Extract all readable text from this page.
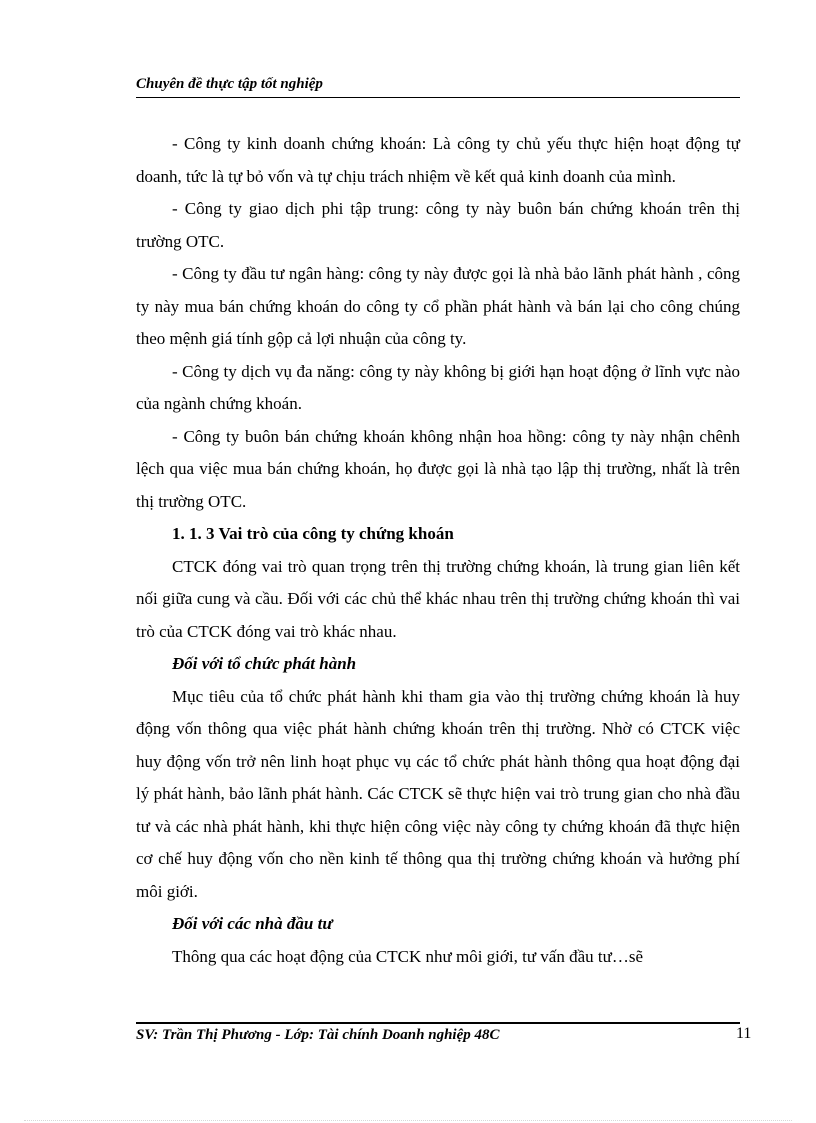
Chuyên đề thực tập tốt nghiệp

- Công ty kinh doanh chứng khoán: Là công ty chủ yếu thực hiện hoạt động tự doanh, tức là tự bỏ vốn và tự chịu trách nhiệm về kết quả kinh doanh của mình.

- Công ty giao dịch phi tập trung: công ty này buôn bán chứng khoán trên thị trường OTC.

- Công ty đầu tư ngân hàng: công ty này được gọi là nhà bảo lãnh phát hành , công ty này mua bán chứng khoán do công ty cổ phần phát hành và bán lại cho công chúng theo mệnh giá tính gộp cả lợi nhuận của công ty.

- Công ty dịch vụ đa năng: công ty này không bị giới hạn hoạt động ở lĩnh vực nào của ngành chứng khoán.

- Công ty buôn bán chứng khoán không nhận hoa hồng: công ty này nhận chênh lệch qua việc mua bán chứng khoán, họ được gọi là nhà tạo lập thị trường, nhất là trên thị trường OTC.

1. 1. 3 Vai trò của công ty chứng khoán

CTCK đóng vai trò quan trọng trên thị trường chứng khoán, là trung gian liên kết nối giữa cung và cầu. Đối với các chủ thể khác nhau trên thị trường chứng khoán thì vai trò của CTCK đóng vai trò khác nhau.

Đối với tổ chức phát hành

Mục tiêu của tổ chức phát hành khi tham gia vào thị trường chứng khoán là huy động vốn thông qua việc phát hành chứng khoán trên thị trường. Nhờ có CTCK việc huy động vốn trở nên linh hoạt phục vụ các tổ chức phát hành thông qua hoạt động đại lý phát hành, bảo lãnh phát hành. Các CTCK sẽ thực hiện vai trò trung gian cho nhà đầu tư và các nhà phát hành, khi thực hiện công việc này công ty chứng khoán đã thực hiện cơ chế huy động vốn cho nền kinh tế thông qua thị trường chứng khoán và hưởng phí môi giới.

Đối với các nhà đầu tư

Thông qua các hoạt động của CTCK như môi giới, tư vấn đầu tư…sẽ

SV: Trần Thị Phương - Lớp: Tài chính Doanh nghiệp 48C	11
